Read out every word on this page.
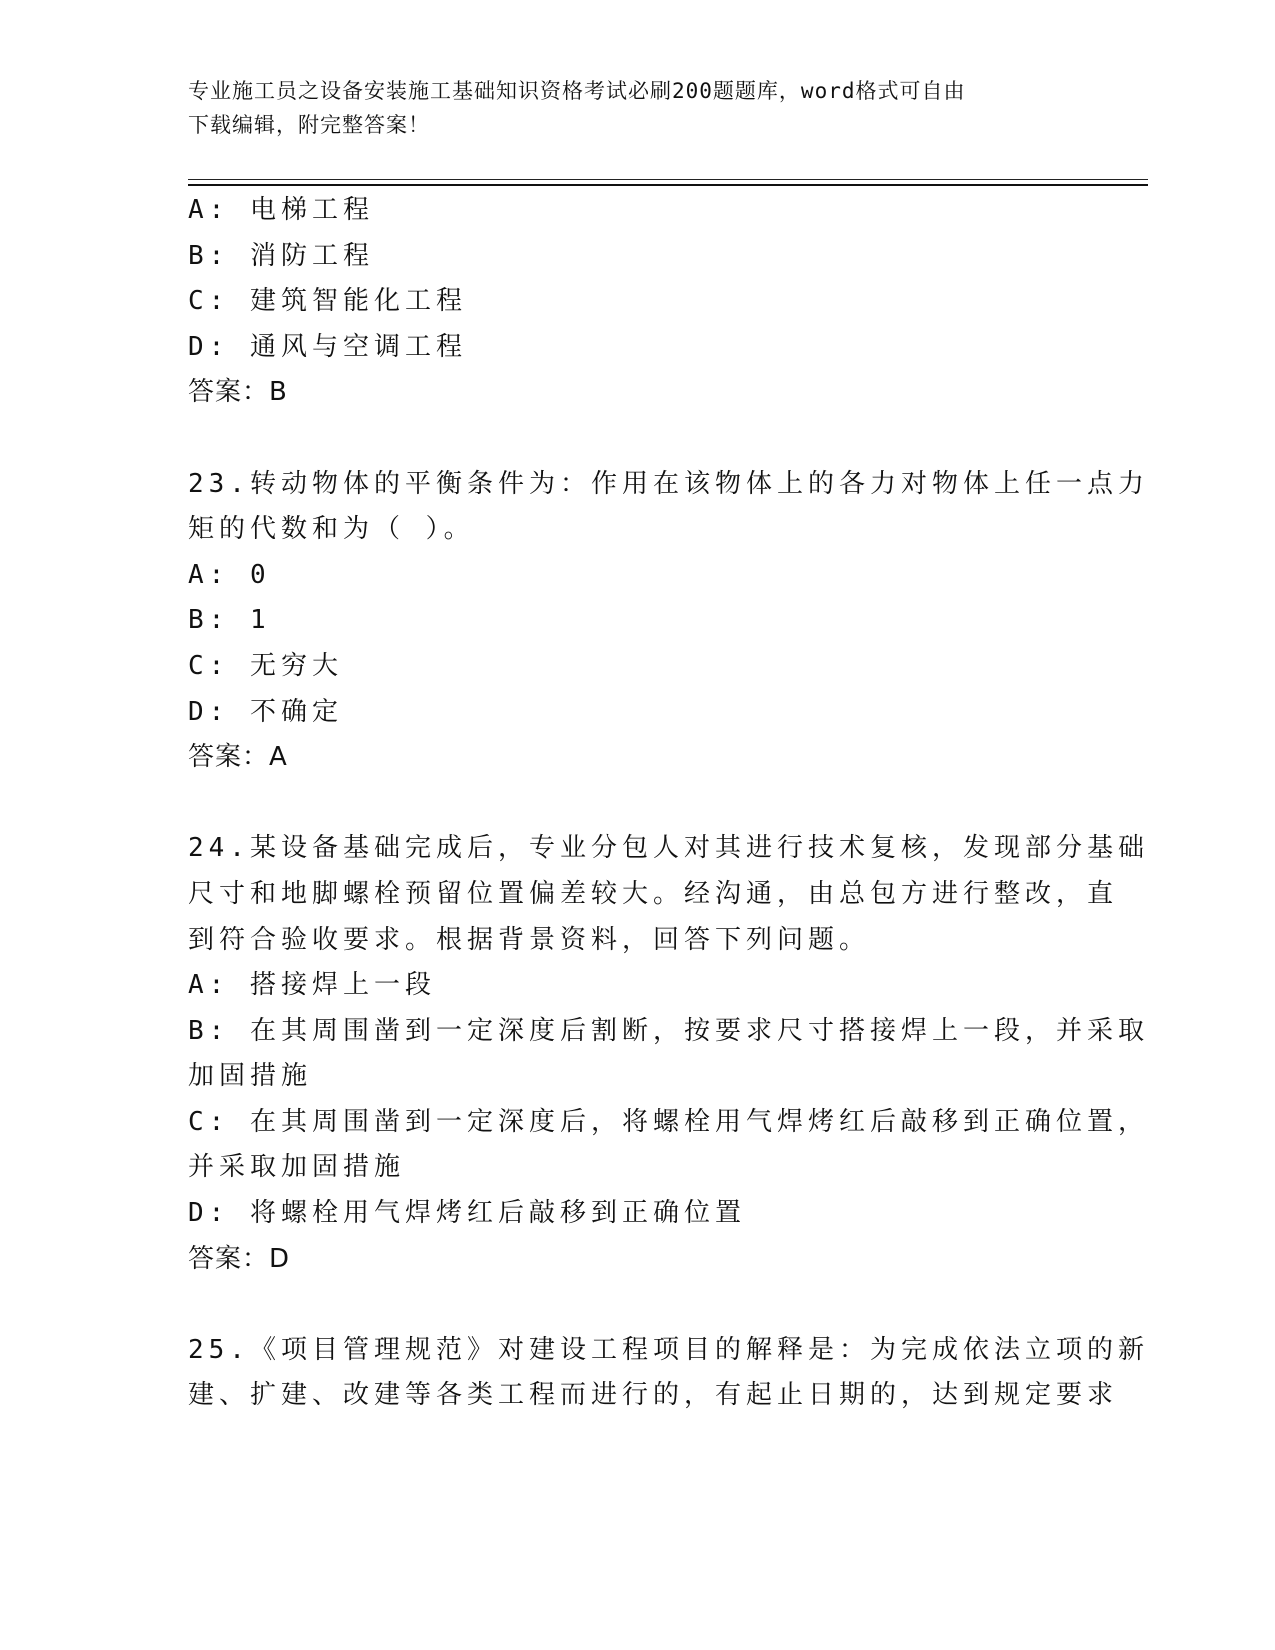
专业施工员之设备安装施工基础知识资格考试必刷200题题库，word格式可自由
下载编辑，附完整答案！
A: 电梯工程
B: 消防工程
C: 建筑智能化工程
D: 通风与空调工程
答案：B
23.转动物体的平衡条件为：作用在该物体上的各力对物体上任一点力
矩的代数和为（ ）。
A: 0
B: 1
C: 无穷大
D: 不确定
答案：A
24.某设备基础完成后，专业分包人对其进行技术复核，发现部分基础
尺寸和地脚螺栓预留位置偏差较大。经沟通，由总包方进行整改，直
到符合验收要求。根据背景资料，回答下列问题。
A: 搭接焊上一段
B: 在其周围凿到一定深度后割断，按要求尺寸搭接焊上一段，并采取
加固措施
C: 在其周围凿到一定深度后，将螺栓用气焊烤红后敲移到正确位置，
并采取加固措施
D: 将螺栓用气焊烤红后敲移到正确位置
答案：D
25.《项目管理规范》对建设工程项目的解释是：为完成依法立项的新
建、扩建、改建等各类工程而进行的，有起止日期的，达到规定要求
